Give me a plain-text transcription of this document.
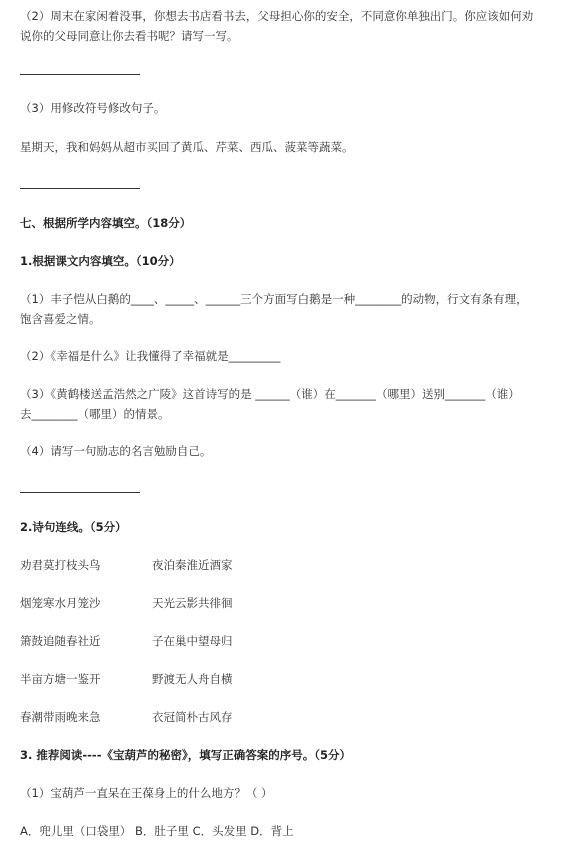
（2）周末在家闲着没事，你想去书店看书去，父母担心你的安全，不同意你单独出门。你应该如何劝
说你的父母同意让你去看书呢？请写一写。
（3）用修改符号修改句子。
星期天，我和妈妈从超市买回了黄瓜、芹菜、西瓜、菠菜等蔬菜。
七、根据所学内容填空。（18分）
1.根据课文内容填空。（10分）
（1）丰子恺从白鹅的____、_____、______三个方面写白鹅是一种________的动物，行文有条有理，
饱含喜爱之情。
（2）《幸福是什么》让我懂得了幸福就是_________
（3）《黄鹤楼送孟浩然之广陵》这首诗写的是 ______（谁）在_______（哪里）送别_______（谁）
去________（哪里）的情景。
（4）请写一句励志的名言勉励自己。
2.诗句连线。（5分）
劝君莫打枝头鸟	夜泊秦淮近酒家
烟笼寒水月笼沙	天光云影共徘徊
箫鼓追随春社近	子在巢中望母归
半亩方塘一鉴开	野渡无人舟自横
春潮带雨晚来急	衣冠简朴古风存
3. 推荐阅读----《宝葫芦的秘密》，填写正确答案的序号。（5分）
（1）宝葫芦一直呆在王葆身上的什么地方？（ ）
A．兜儿里（口袋里） B．肚子里 C．头发里 D．背上
